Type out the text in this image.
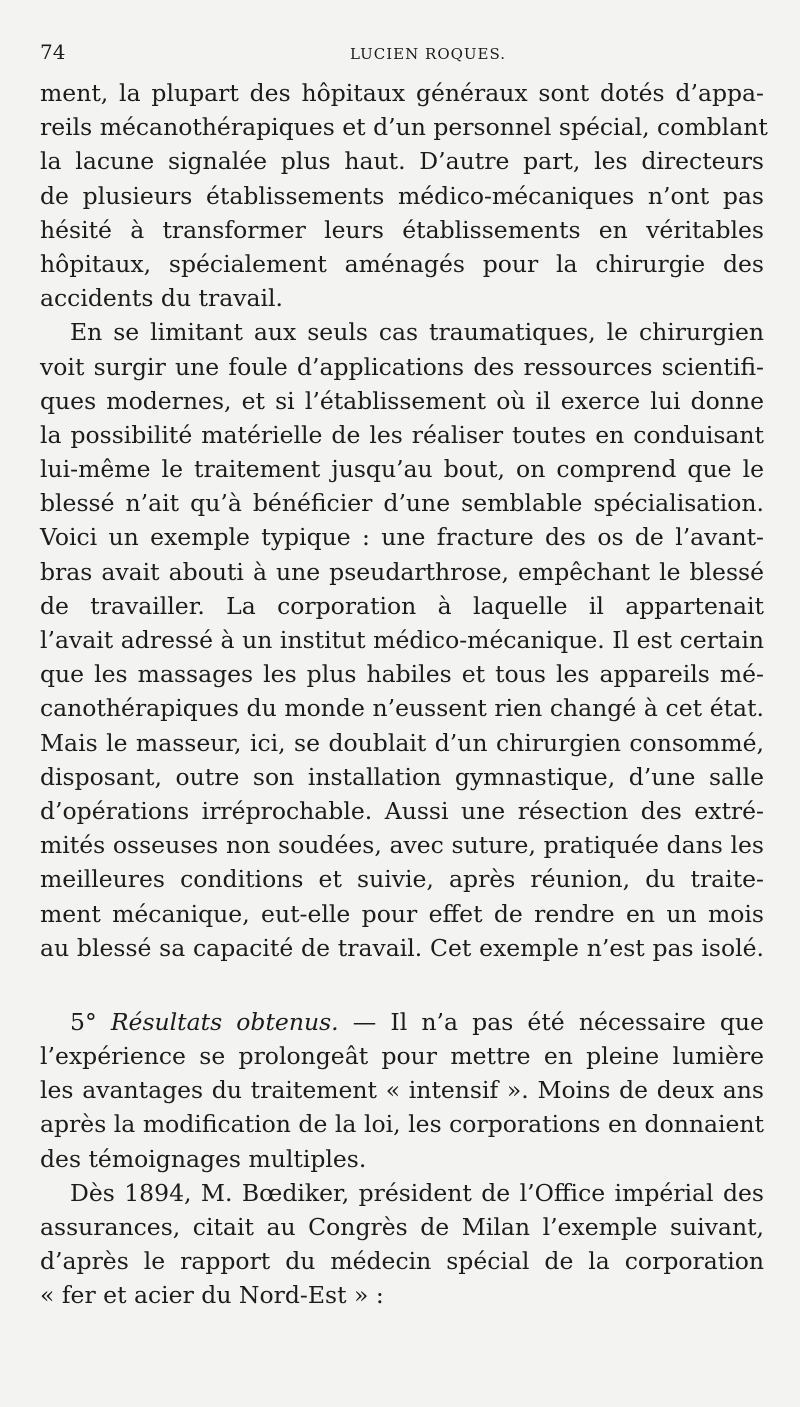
74	LUCIEN ROQUES.
ment, la plupart des hôpitaux généraux sont dotés d’appa-
reils mécanothérapiques et d’un personnel spécial, comblant
la lacune signalée plus haut. D’autre part, les directeurs
de plusieurs établissements médico-mécaniques n’ont pas
hésité à transformer leurs établissements en véritables
hôpitaux, spécialement aménagés pour la chirurgie des
accidents du travail.
En se limitant aux seuls cas traumatiques, le chirurgien
voit surgir une foule d’applications des ressources scientifi-
ques modernes, et si l’établissement où il exerce lui donne
la possibilité matérielle de les réaliser toutes en conduisant
lui-même le traitement jusqu’au bout, on comprend que le
blessé n’ait qu’à bénéficier d’une semblable spécialisation.
Voici un exemple typique : une fracture des os de l’avant-
bras avait abouti à une pseudarthrose, empêchant le blessé
de travailler. La corporation à laquelle il appartenait
l’avait adressé à un institut médico-mécanique. Il est certain
que les massages les plus habiles et tous les appareils mé-
canothérapiques du monde n’eussent rien changé à cet état.
Mais le masseur, ici, se doublait d’un chirurgien consommé,
disposant, outre son installation gymnastique, d’une salle
d’opérations irréprochable. Aussi une résection des extré-
mités osseuses non soudées, avec suture, pratiquée dans les
meilleures conditions et suivie, après réunion, du traite-
ment mécanique, eut-elle pour effet de rendre en un mois
au blessé sa capacité de travail. Cet exemple n’est pas isolé.
5° Résultats obtenus. — Il n’a pas été nécessaire que
l’expérience se prolongeât pour mettre en pleine lumière
les avantages du traitement « intensif ». Moins de deux ans
après la modification de la loi, les corporations en donnaient
des témoignages multiples.
Dès 1894, M. Bœdiker, président de l’Office impérial des
assurances, citait au Congrès de Milan l’exemple suivant,
d’après le rapport du médecin spécial de la corporation
« fer et acier du Nord-Est » :
